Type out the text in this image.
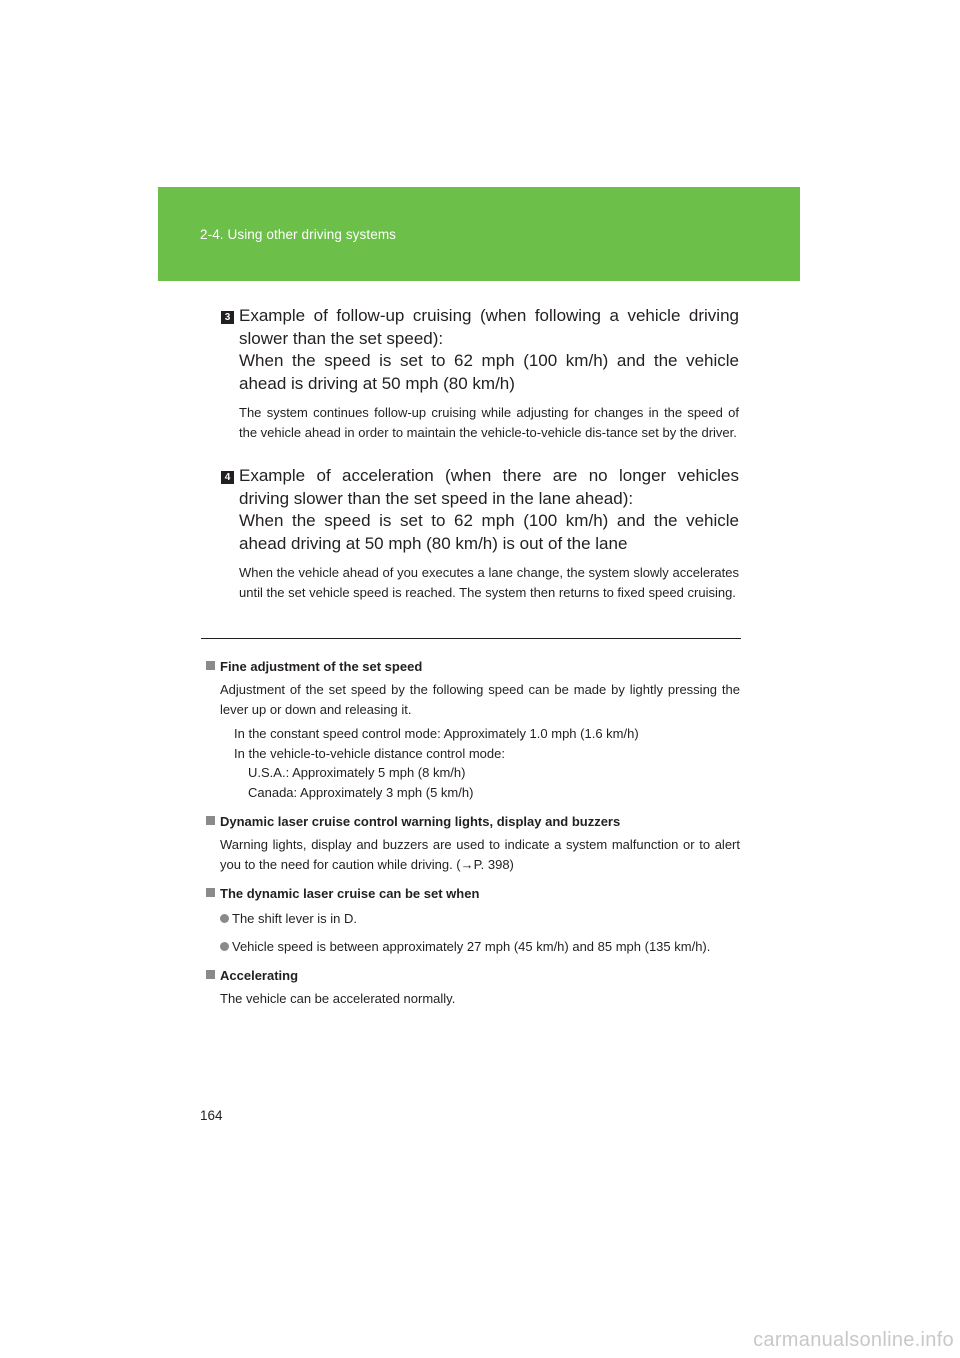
2-4. Using other driving systems
3 Example of follow-up cruising (when following a vehicle driving slower than the set speed):

When the speed is set to 62 mph (100 km/h) and the vehicle ahead is driving at 50 mph (80 km/h)

The system continues follow-up cruising while adjusting for changes in the speed of the vehicle ahead in order to maintain the vehicle-to-vehicle dis-tance set by the driver.

4 Example of acceleration (when there are no longer vehicles driving slower than the set speed in the lane ahead):

When the speed is set to 62 mph (100 km/h) and the vehicle ahead driving at 50 mph (80 km/h) is out of the lane

When the vehicle ahead of you executes a lane change, the system slowly accelerates until the set vehicle speed is reached. The system then returns to fixed speed cruising.

Fine adjustment of the set speed

Adjustment of the set speed by the following speed can be made by lightly pressing the lever up or down and releasing it.

In the constant speed control mode: Approximately 1.0 mph (1.6 km/h)
In the vehicle-to-vehicle distance control mode:
U.S.A.: Approximately 5 mph (8 km/h)
Canada: Approximately 3 mph (5 km/h)

Dynamic laser cruise control warning lights, display and buzzers

Warning lights, display and buzzers are used to indicate a system malfunction or to alert you to the need for caution while driving. (→P. 398)

The dynamic laser cruise can be set when

The shift lever is in D.
Vehicle speed is between approximately 27 mph (45 km/h) and 85 mph (135 km/h).

Accelerating

The vehicle can be accelerated normally.

164
carmanualsonline.info
